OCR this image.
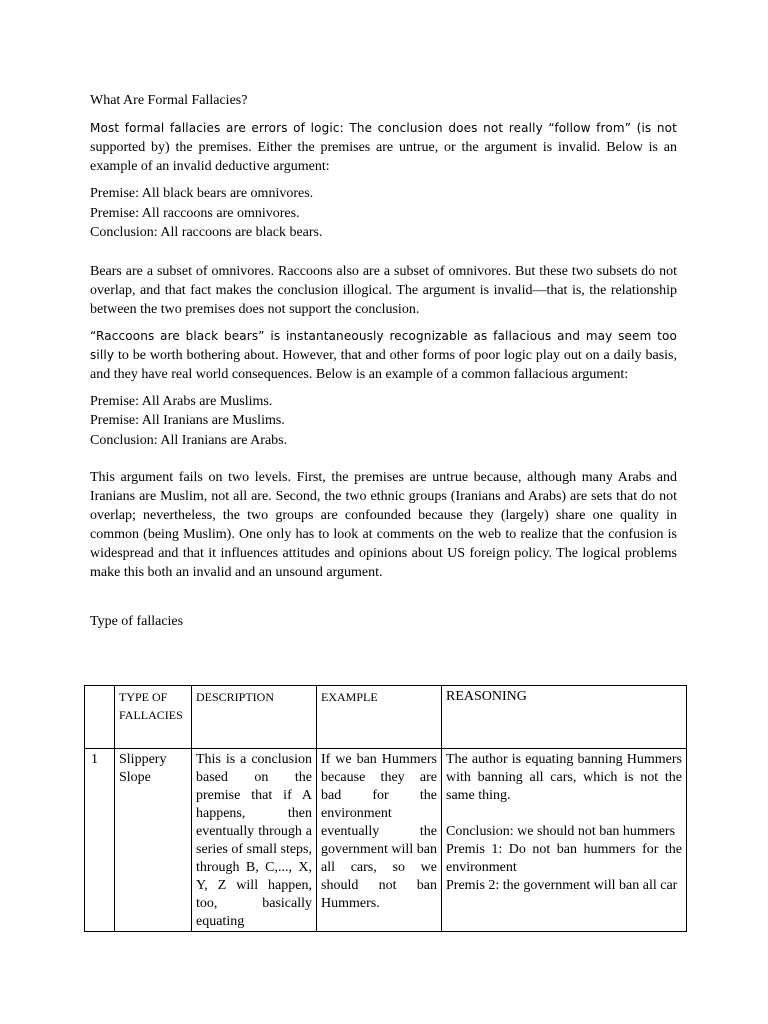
What Are Formal Fallacies?

Most formal fallacies are errors of logic: The conclusion does not really “follow from” (is not supported by) the premises. Either the premises are untrue, or the argument is invalid. Below is an example of an invalid deductive argument:

Premise: All black bears are omnivores.
Premise: All raccoons are omnivores.
Conclusion: All raccoons are black bears.

Bears are a subset of omnivores. Raccoons also are a subset of omnivores. But these two subsets do not overlap, and that fact makes the conclusion illogical. The argument is invalid—that is, the relationship between the two premises does not support the conclusion.

“Raccoons are black bears” is instantaneously recognizable as fallacious and may seem too silly to be worth bothering about. However, that and other forms of poor logic play out on a daily basis, and they have real world consequences. Below is an example of a common fallacious argument:

Premise: All Arabs are Muslims.
Premise: All Iranians are Muslims.
Conclusion: All Iranians are Arabs.

This argument fails on two levels. First, the premises are untrue because, although many Arabs and Iranians are Muslim, not all are. Second, the two ethnic groups (Iranians and Arabs) are sets that do not overlap; nevertheless, the two groups are confounded because they (largely) share one quality in common (being Muslim). One only has to look at comments on the web to realize that the confusion is widespread and that it influences attitudes and opinions about US foreign policy. The logical problems make this both an invalid and an unsound argument.

Type of fallacies

	TYPE OF FALLACIES	DESCRIPTION	EXAMPLE	REASONING
1	Slippery Slope	This is a conclusion based on the premise that if A happens, then eventually through a series of small steps, through B, C,..., X, Y, Z will happen, too, basically equating	If we ban Hummers because they are bad for the environment eventually the government will ban all cars, so we should not ban Hummers.	The author is equating banning Hummers with banning all cars, which is not the same thing.
Conclusion: we should not ban hummers
Premis 1: Do not ban hummers for the environment
Premis 2: the government will ban all car
